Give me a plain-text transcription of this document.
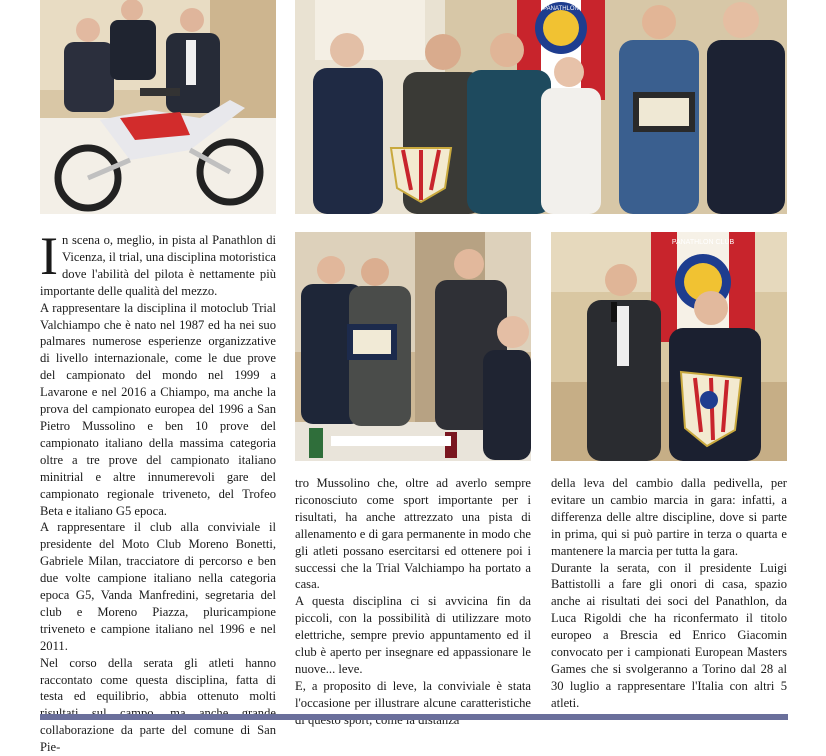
PANATHLON
PANATHLON CLUB

In scena o, meglio, in pista al Panathlon di Vicenza, il trial, una disciplina motoristica dove l'abilità del pilota è nettamente più importante delle qualità del mezzo.

A rappresentare la disciplina il motoclub Trial Valchiampo che è nato nel 1987 ed ha nei suo palmares numerose esperienze organizzative di livello internazionale, come le due prove del campionato del mondo nel 1999 a Lavarone e nel 2016 a Chiampo, ma anche la prova del campionato europea del 1996 a San Pietro Mussolino e ben 10 prove del campionato italiano della massima categoria oltre a tre prove del campionato italiano minitrial e altre innumerevoli gare del campionato regionale triveneto, del Trofeo Beta e italiano G5 epoca.

A rappresentare il club alla conviviale il presidente del Moto Club Moreno Bonetti, Gabriele Milan, tracciatore di percorso e ben due volte campione italiano nella categoria epoca G5, Vanda Manfredini, segretaria del club e Moreno Piazza, pluricampione triveneto e campione italiano nel 1996 e nel 2011.

Nel corso della serata gli atleti hanno raccontato come questa disciplina, fatta di testa ed equilibrio, abbia ottenuto molti collaborazione da parte del comune di San Pie-

tro Mussolino che, oltre ad averlo sempre riconosciuto come sport importante per i risultati, ha anche attrezzato una pista di allenamento e di gara permanente in modo che gli atleti possano esercitarsi ed ottenere poi i successi che la Trial Valchiampo ha portato a casa.

A questa disciplina ci si avvicina fin da piccoli, con la possibilità di utilizzare moto elettriche, sempre previo appuntamento ed il club è aperto per insegnare ed appassionare le nuove... leve.

E, a proposito di leve, la conviviale è stata l'occasione per illustrare alcune caratteristiche

della leva del cambio dalla pedivella, per evitare un cambio marcia in gara: infatti, a differenza delle altre discipline, dove si parte in prima, qui si può partire in terza o quarta e mantenere la marcia per tutta la gara.

Durante la serata, con il presidente Luigi Battistolli a fare gli onori di casa, spazio anche ai risultati dei soci del Panathlon, da Luca Rigoldi che ha riconfermato il titolo europeo a Brescia ed Enrico Giacomin convocato per i campionati European Masters Games che si svolgeranno a Torino dal 28 al 30 luglio a rappresentare l'Italia con altri 5 atleti.
